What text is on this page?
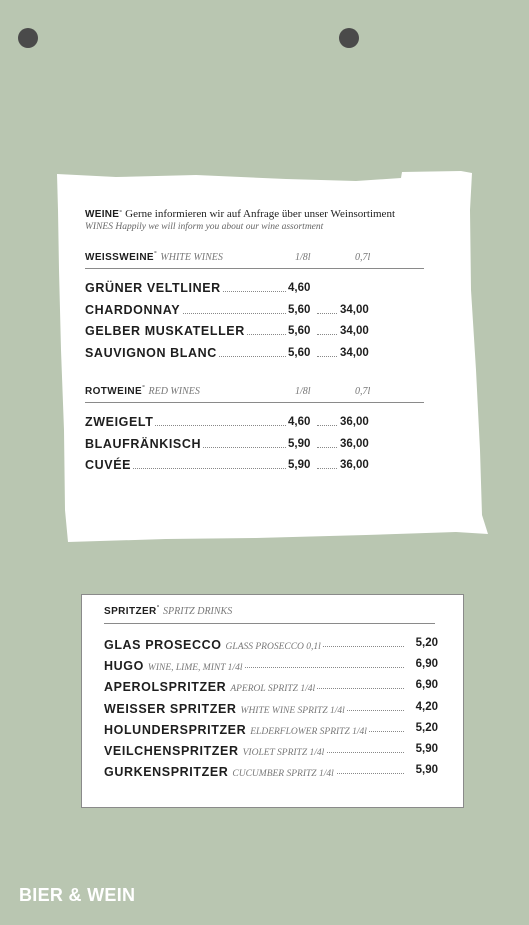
WEINE° Gerne informieren wir auf Anfrage über unser Weinsortiment
WINES Happily we will inform you about our wine assortment
WEISSWEINE° WHITE WINES	1/8l	0,7l
GRÜNER VELTLINER	4,60
CHARDONNAY	5,60	34,00
GELBER MUSKATELLER	5,60	34,00
SAUVIGNON BLANC	5,60	34,00
ROTWEINE° RED WINES	1/8l	0,7l
ZWEIGELT	4,60	36,00
BLAUFRÄNKISCH	5,90	36,00
CUVÉE	5,90	36,00
SPRITZER° SPRITZ DRINKS
GLAS PROSECCO GLASS PROSECCO 0,1l	5,20
HUGO WINE, LIME, MINT 1/4l	6,90
APEROLSPRITZER APEROL SPRITZ 1/4l	6,90
WEISSER SPRITZER WHITE WINE SPRITZ 1/4l	4,20
HOLUNDERSPRITZER ELDERFLOWER SPRITZ 1/4l	5,20
VEILCHENSPRITZER VIOLET SPRITZ 1/4l	5,90
GURKENSPRITZER CUCUMBER SPRITZ 1/4l	5,90
BIER & WEIN
